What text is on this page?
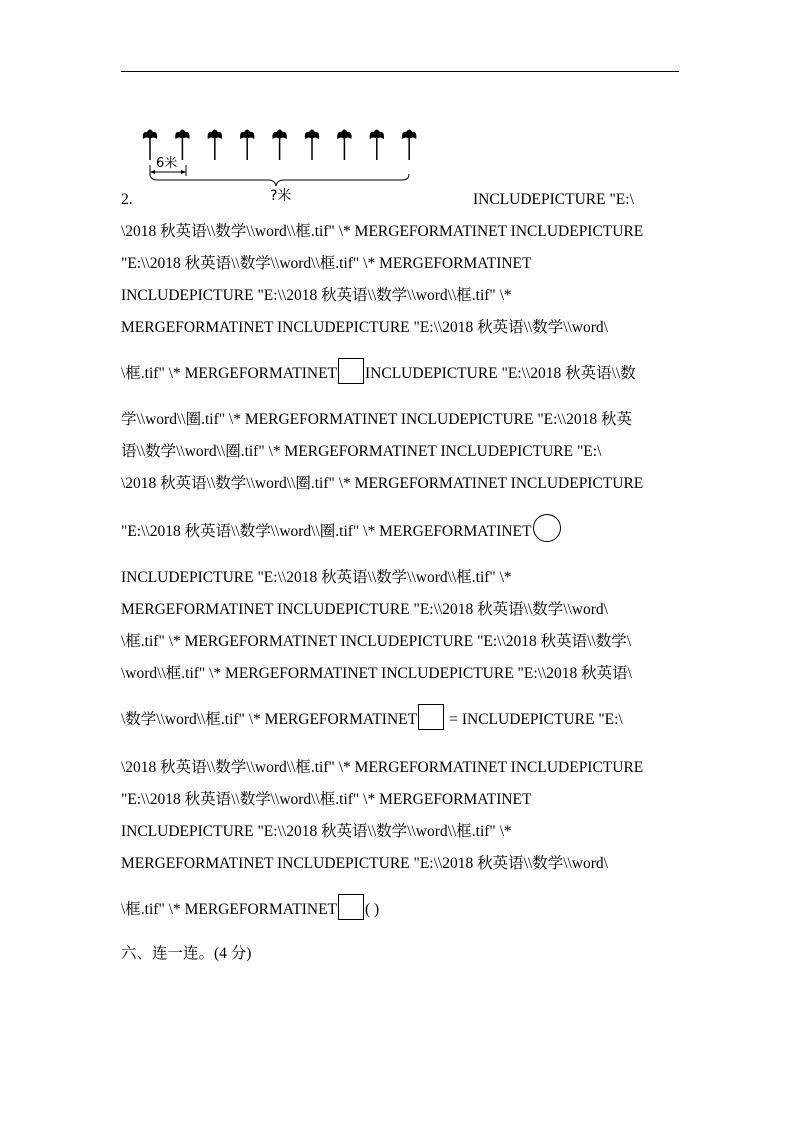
6米
?米
2.	INCLUDEPICTURE "E:\
\2018 秋英语\\数学\\word\\框.tif" \* MERGEFORMATINET INCLUDEPICTURE
"E:\\2018 秋英语\\数学\\word\\框.tif" \* MERGEFORMATINET
INCLUDEPICTURE "E:\\2018 秋英语\\数学\\word\\框.tif" \*
MERGEFORMATINET INCLUDEPICTURE "E:\\2018 秋英语\\数学\\word\
\框.tif" \* MERGEFORMATINET INCLUDEPICTURE "E:\\2018 秋英语\\数
学\\word\\圈.tif" \* MERGEFORMATINET INCLUDEPICTURE "E:\\2018 秋英
语\\数学\\word\\圈.tif" \* MERGEFORMATINET INCLUDEPICTURE "E:\
\2018 秋英语\\数学\\word\\圈.tif" \* MERGEFORMATINET INCLUDEPICTURE
"E:\\2018 秋英语\\数学\\word\\圈.tif" \* MERGEFORMATINET
INCLUDEPICTURE "E:\\2018 秋英语\\数学\\word\\框.tif" \*
MERGEFORMATINET INCLUDEPICTURE "E:\\2018 秋英语\\数学\\word\
\框.tif" \* MERGEFORMATINET INCLUDEPICTURE "E:\\2018 秋英语\\数学\
\word\\框.tif" \* MERGEFORMATINET INCLUDEPICTURE "E:\\2018 秋英语\
\数学\\word\\框.tif" \* MERGEFORMATINET = INCLUDEPICTURE "E:\
\2018 秋英语\\数学\\word\\框.tif" \* MERGEFORMATINET INCLUDEPICTURE
"E:\\2018 秋英语\\数学\\word\\框.tif" \* MERGEFORMATINET
INCLUDEPICTURE "E:\\2018 秋英语\\数学\\word\\框.tif" \*
MERGEFORMATINET INCLUDEPICTURE "E:\\2018 秋英语\\数学\\word\
\框.tif" \* MERGEFORMATINET ( )
六、连一连。(4 分)
